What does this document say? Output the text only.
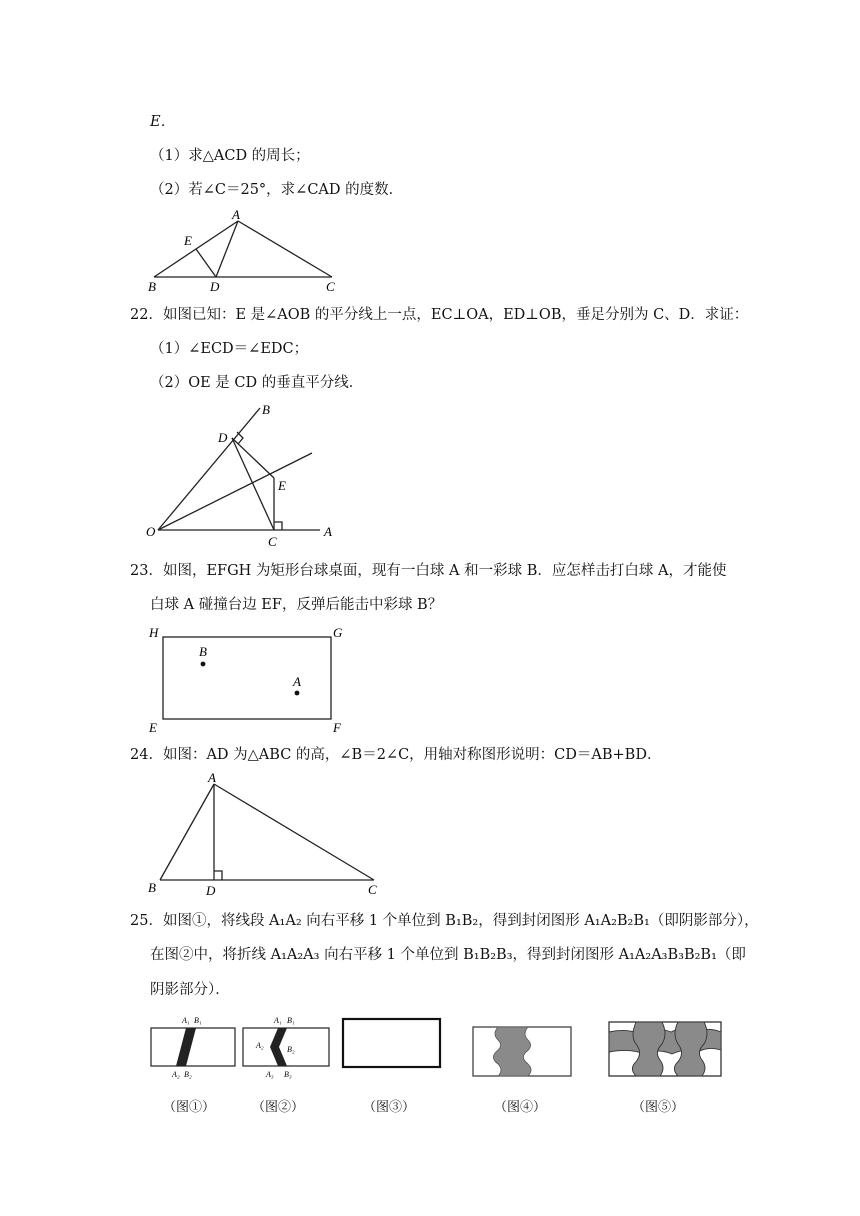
E．
（1）求△ACD 的周长；
（2）若∠C＝25°，求∠CAD 的度数．
A
E
B	D	C
22．如图已知：E 是∠AOB 的平分线上一点，EC⊥OA，ED⊥OB，垂足分别为 C、D．求证：
（1）∠ECD＝∠EDC；
（2）OE 是 CD 的垂直平分线．
B
D
E
O
C
A
23．如图，EFGH 为矩形台球桌面，现有一白球 A 和一彩球 B．应怎样击打白球 A，才能使
白球 A 碰撞台边 EF，反弹后能击中彩球 B？
H	G
B
A
E	F
24．如图：AD 为△ABC 的高，∠B＝2∠C，用轴对称图形说明：CD＝AB+BD．
A
B	D	C
25．如图①，将线段 A₁A₂ 向右平移 1 个单位到 B₁B₂，得到封闭图形 A₁A₂B₂B₁（即阴影部分），
在图②中，将折线 A₁A₂A₃ 向右平移 1 个单位到 B₁B₂B₃，得到封闭图形 A₁A₂A₃B₃B₂B₁（即
阴影部分）．
A₁ B₁
A₂ B₂
A₁ B₁
A₂	B₂
A₃ B₃
（图①）	（图②）	（图③）	（图④）	（图⑤）
